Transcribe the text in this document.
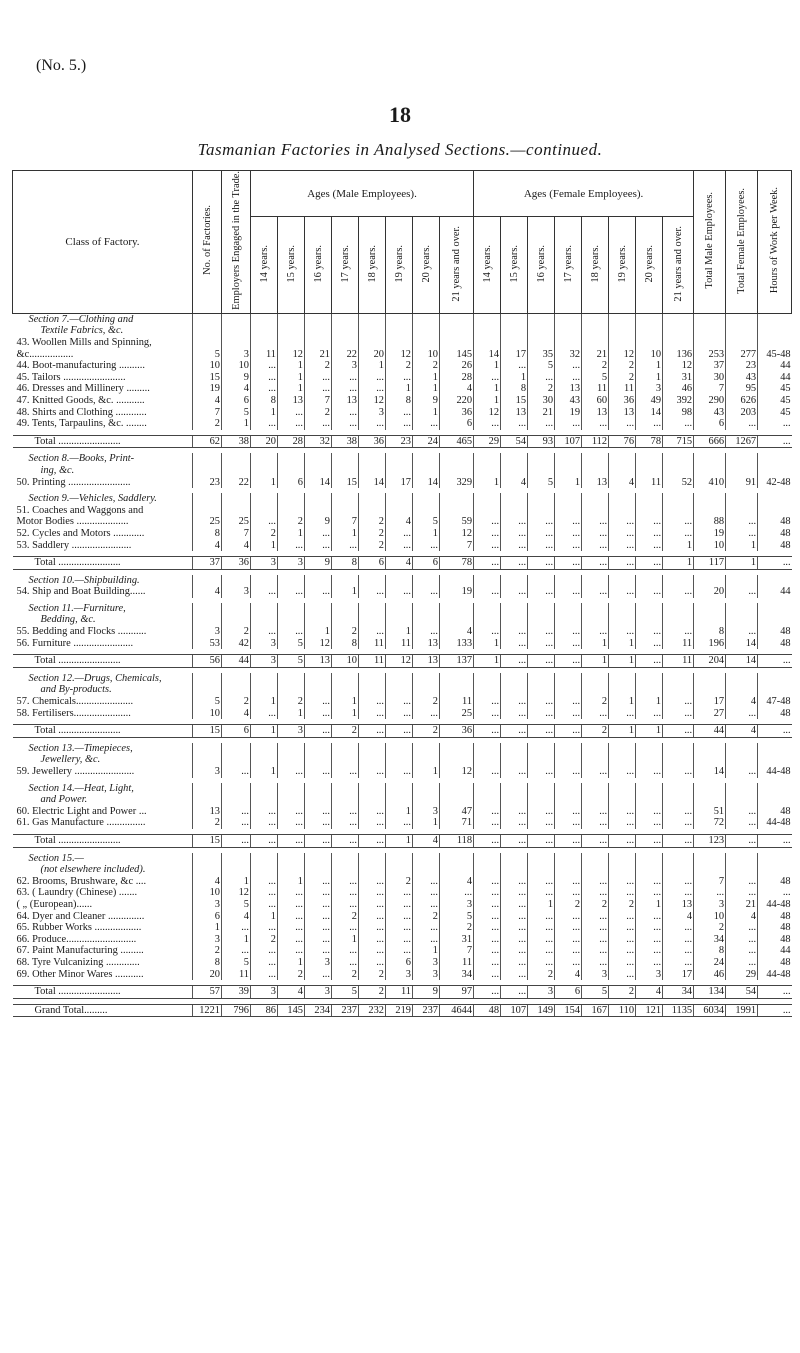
(No. 5.)
18
Tasmanian Factories in Analysed Sections.—continued.
Class of Factory.	No. of Factories.	Employers Engaged in the Trade.	Ages (Male Employees).								Ages (Female Employees).								Total Male Employees.	Total Female Employees.	Hours of Work per Week.
			14 years.	15 years.	16 years.	17 years.	18 years.	19 years.	20 years.	21 years and over.	14 years.	15 years.	16 years.	17 years.	18 years.	19 years.	20 years.	21 years and over.			
Section 7.—Clothing and																					
Textile Fabrics, &c.																					
43. Woollen Mills and Spinning,																					
&c.................	5	3	11	12	21	22	20	12	10	145	14	17	35	32	21	12	10	136	253	277	45-48
44. Boot-manufacturing ..........	10	10	...	1	2	3	1	2	2	26	1	...	5	...	2	2	1	12	37	23	44
45. Tailors ........................	15	9	...	1	...	...	...	...	1	28	...	1	...	...	5	2	1	31	30	43	44
46. Dresses and Millinery .........	19	4	...	1	...	...	...	1	1	4	1	8	2	13	11	11	3	46	7	95	45
47. Knitted Goods, &c. ...........	4	6	8	13	7	13	12	8	9	220	1	15	30	43	60	36	49	392	290	626	45
48. Shirts and Clothing ............	7	5	1	...	2	...	3	...	1	36	12	13	21	19	13	13	14	98	43	203	45
49. Tents, Tarpaulins, &c. ........	2	1	...	...	...	...	...	...	...	6	...	...	...	...	...	...	...	...	6	...	...

Total ........................	62	38	20	28	32	38	36	23	24	465	29	54	93	107	112	76	78	715	666	1267	...

Section 8.—Books, Print-																					
ing, &c.																					
50. Printing ........................	23	22	1	6	14	15	14	17	14	329	1	4	5	1	13	4	11	52	410	91	42-48

Section 9.—Vehicles, Saddlery.																					
51. Coaches and Waggons and																					
Motor Bodies ....................	25	25	...	2	9	7	2	4	5	59	...	...	...	...	...	...	...	...	88	...	48
52. Cycles and Motors ............	8	7	2	1	...	1	2	...	1	12	...	...	...	...	...	...	...	...	19	...	48
53. Saddlery .......................	4	4	1	...	...	...	2	...	...	7	...	...	...	...	...	...	...	1	10	1	48

Total ........................	37	36	3	3	9	8	6	4	6	78	...	...	...	...	...	...	...	1	117	1	...

Section 10.—Shipbuilding.																					
54. Ship and Boat Building......	4	3	...	...	...	1	...	...	...	19	...	...	...	...	...	...	...	...	20	...	44

Section 11.—Furniture,																					
Bedding, &c.																					
55. Bedding and Flocks ...........	3	2	...	...	1	2	...	1	...	4	...	...	...	...	...	...	...	...	8	...	48
56. Furniture .......................	53	42	3	5	12	8	11	11	13	133	1	...	...	...	1	1	...	11	196	14	48

Total ........................	56	44	3	5	13	10	11	12	13	137	1	...	...	...	1	1	...	11	204	14	...

Section 12.—Drugs, Chemicals,																					
and By-products.																					
57. Chemicals......................	5	2	1	2	...	1	...	...	2	11	...	...	...	...	2	1	1	...	17	4	47-48
58. Fertilisers......................	10	4	...	1	...	1	...	...	...	25	...	...	...	...	...	...	...	...	27	...	48

Total ........................	15	6	1	3	...	2	...	...	2	36	...	...	...	...	2	1	1	...	44	4	...

Section 13.—Timepieces,																					
Jewellery, &c.																					
59. Jewellery .......................	3	...	1	...	...	...	...	...	1	12	...	...	...	...	...	...	...	...	14	...	44-48

Section 14.—Heat, Light,																					
and Power.																					
60. Electric Light and Power ...	13	...	...	...	...	...	...	1	3	47	...	...	...	...	...	...	...	...	51	...	48
61. Gas Manufacture ...............	2	...	...	...	...	...	...	...	1	71	...	...	...	...	...	...	...	...	72	...	44-48

Total ........................	15	...	...	...	...	...	...	1	4	118	...	...	...	...	...	...	...	...	123	...	...

Section 15.—																					
(not elsewhere included).																					
62. Brooms, Brushware, &c ....	4	1	...	1	...	...	...	2	...	4	...	...	...	...	...	...	...	...	7	...	48
63. ( Laundry (Chinese) .......	10	12	...	...	...	...	...	...	...	...	...	...	...	...	...	...	...	...	...	...	...
( „ (European)......	3	5	...	...	...	...	...	...	...	3	...	...	1	2	2	2	1	13	3	21	44-48
64. Dyer and Cleaner ..............	6	4	1	...	...	2	...	...	2	5	...	...	...	...	...	...	...	4	10	4	48
65. Rubber Works ..................	1	...	...	...	...	...	...	...	...	2	...	...	...	...	...	...	...	...	2	...	48
66. Produce...........................	3	1	2	...	...	1	...	...	...	31	...	...	...	...	...	...	...	...	34	...	48
67. Paint Manufacturing .........	2	...	...	...	...	...	...	...	1	7	...	...	...	...	...	...	...	...	8	...	44
68. Tyre Vulcanizing .............	8	5	...	1	3	...	...	6	3	11	...	...	...	...	...	...	...	...	24	...	48
69. Other Minor Wares ...........	20	11	...	2	...	2	2	3	3	34	...	...	2	4	3	...	3	17	46	29	44-48

Total ........................	57	39	3	4	3	5	2	11	9	97	...	...	3	6	5	2	4	34	134	54	...

Grand Total.........	1221	796	86	145	234	237	232	219	237	4644	48	107	149	154	167	110	121	1135	6034	1991	...
